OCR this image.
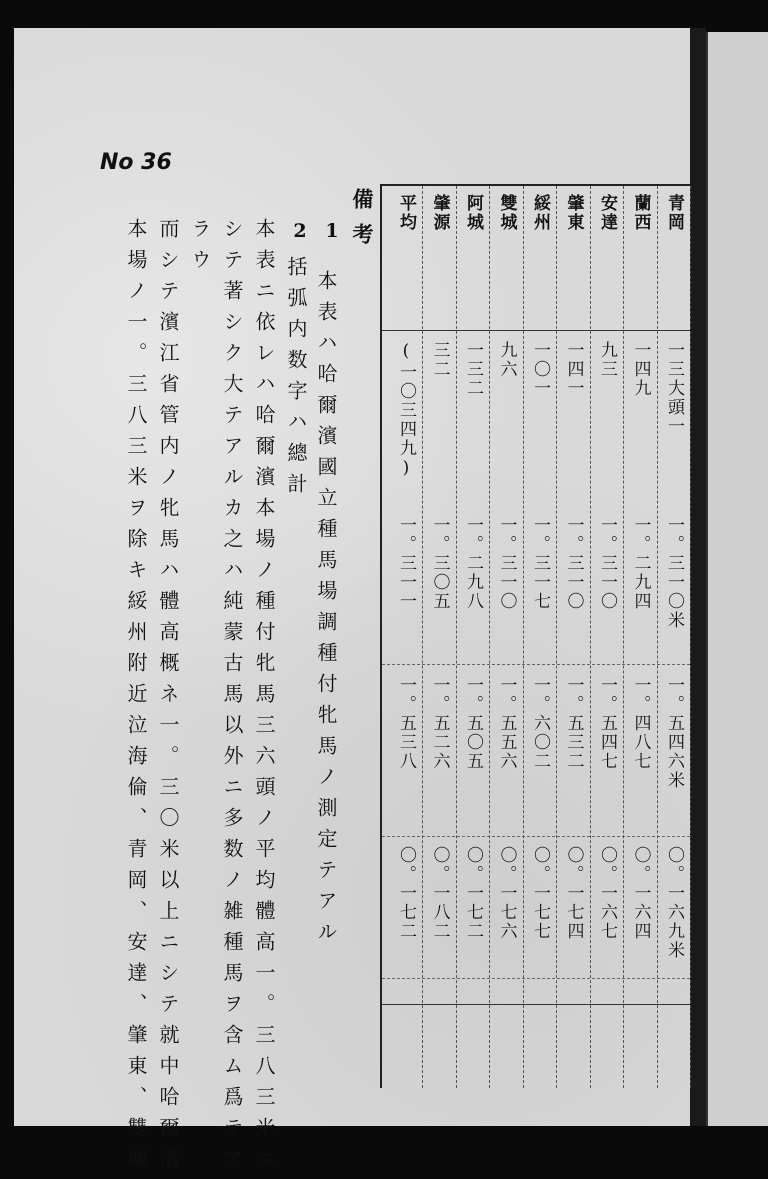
No 36
青岡
一三大頭一
一。三一〇米
一。五四六米
〇。一六九米
蘭西
一四九
一。二九四
一。四八七
〇。一六四
安達
九三
一。三一〇
一。五四七
〇。一六七
肇東
一四一
一。三一〇
一。五三二
〇。一七四
綏州
一〇一
一。三一七
一。六〇二
〇。一七七
雙城
九六
一。三一〇
一。五五六
〇。一七六
阿城
一三二
一。二九八
一。五〇五
〇。一七二
肇源
三二
一。三〇五
一。五二六
〇。一八二
平均
(一〇三四九)
一。三一一
一。五三八
〇。一七二
備考
1
本表ハ哈爾濱國立種馬場調種付牝馬ノ測定テアル
2
括弧内数字ハ總計
本表ニ依レハ哈爾濱本場ノ種付牝馬三六頭ノ平均體高一。三八三米ニ
シテ著シク大テアルカ之ハ純蒙古馬以外ニ多数ノ雑種馬ヲ含ム爲テア
ラウ
而シテ濱江省管内ノ牝馬ハ體高概ネ一。三〇米以上ニシテ就中哈爾濱
本場ノ一。三八三米ヲ除キ綏州附近泣海倫、青岡、安達、肇東、雙城
